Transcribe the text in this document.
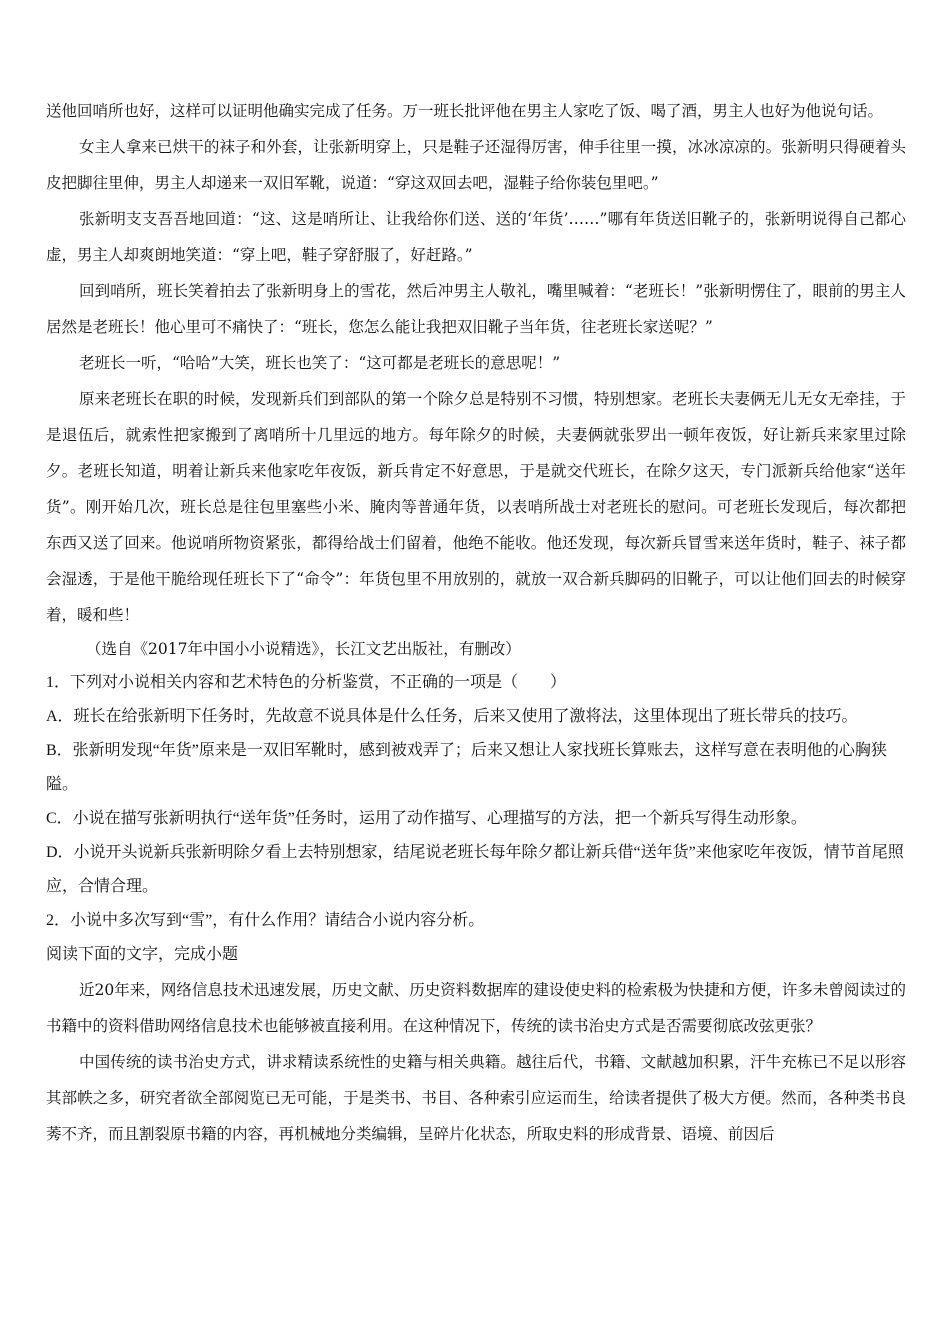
送他回哨所也好，这样可以证明他确实完成了任务。万一班长批评他在男主人家吃了饭、喝了酒，男主人也好为他说句话。

女主人拿来已烘干的袜子和外套，让张新明穿上，只是鞋子还湿得厉害，伸手往里一摸，冰冰凉凉的。张新明只得硬着头皮把脚往里伸，男主人却递来一双旧军靴，说道：“穿这双回去吧，湿鞋子给你装包里吧。”

张新明支支吾吾地回道：“这、这是哨所让、让我给你们送、送的‘年货’……”哪有年货送旧靴子的，张新明说得自己都心虚，男主人却爽朗地笑道：“穿上吧，鞋子穿舒服了，好赶路。”

回到哨所，班长笑着拍去了张新明身上的雪花，然后冲男主人敬礼，嘴里喊着：“老班长！”张新明愣住了，眼前的男主人居然是老班长！他心里可不痛快了：“班长，您怎么能让我把双旧靴子当年货，往老班长家送呢？”

老班长一听，“哈哈”大笑，班长也笑了：“这可都是老班长的意思呢！”

原来老班长在职的时候，发现新兵们到部队的第一个除夕总是特别不习惯，特别想家。老班长夫妻俩无儿无女无牵挂，于是退伍后，就索性把家搬到了离哨所十几里远的地方。每年除夕的时候，夫妻俩就张罗出一顿年夜饭，好让新兵来家里过除夕。老班长知道，明着让新兵来他家吃年夜饭，新兵肯定不好意思，于是就交代班长，在除夕这天，专门派新兵给他家“送年货”。刚开始几次，班长总是往包里塞些小米、腌肉等普通年货，以表哨所战士对老班长的慰问。可老班长发现后，每次都把东西又送了回来。他说哨所物资紧张，都得给战士们留着，他绝不能收。他还发现，每次新兵冒雪来送年货时，鞋子、袜子都会湿透，于是他干脆给现任班长下了“命令”：年货包里不用放别的，就放一双合新兵脚码的旧靴子，可以让他们回去的时候穿着，暖和些！

（选自《2017年中国小小说精选》，长江文艺出版社，有删改）

1．下列对小说相关内容和艺术特色的分析鉴赏，不正确的一项是（　　）

A．班长在给张新明下任务时，先故意不说具体是什么任务，后来又使用了激将法，这里体现出了班长带兵的技巧。

B．张新明发现“年货”原来是一双旧军靴时，感到被戏弄了；后来又想让人家找班长算账去，这样写意在表明他的心胸狭隘。

C．小说在描写张新明执行“送年货”任务时，运用了动作描写、心理描写的方法，把一个新兵写得生动形象。

D．小说开头说新兵张新明除夕看上去特别想家，结尾说老班长每年除夕都让新兵借“送年货”来他家吃年夜饭，情节首尾照应，合情合理。

2．小说中多次写到“雪”，有什么作用？请结合小说内容分析。

阅读下面的文字，完成小题

近20年来，网络信息技术迅速发展，历史文献、历史资料数据库的建设使史料的检索极为快捷和方便，许多未曾阅读过的书籍中的资料借助网络信息技术也能够被直接利用。在这种情况下，传统的读书治史方式是否需要彻底改弦更张？

中国传统的读书治史方式，讲求精读系统性的史籍与相关典籍。越往后代，书籍、文献越加积累，汗牛充栋已不足以形容其部帙之多，研究者欲全部阅览已无可能，于是类书、书目、各种索引应运而生，给读者提供了极大方便。然而，各种类书良莠不齐，而且割裂原书籍的内容，再机械地分类编辑，呈碎片化状态，所取史料的形成背景、语境、前因后
